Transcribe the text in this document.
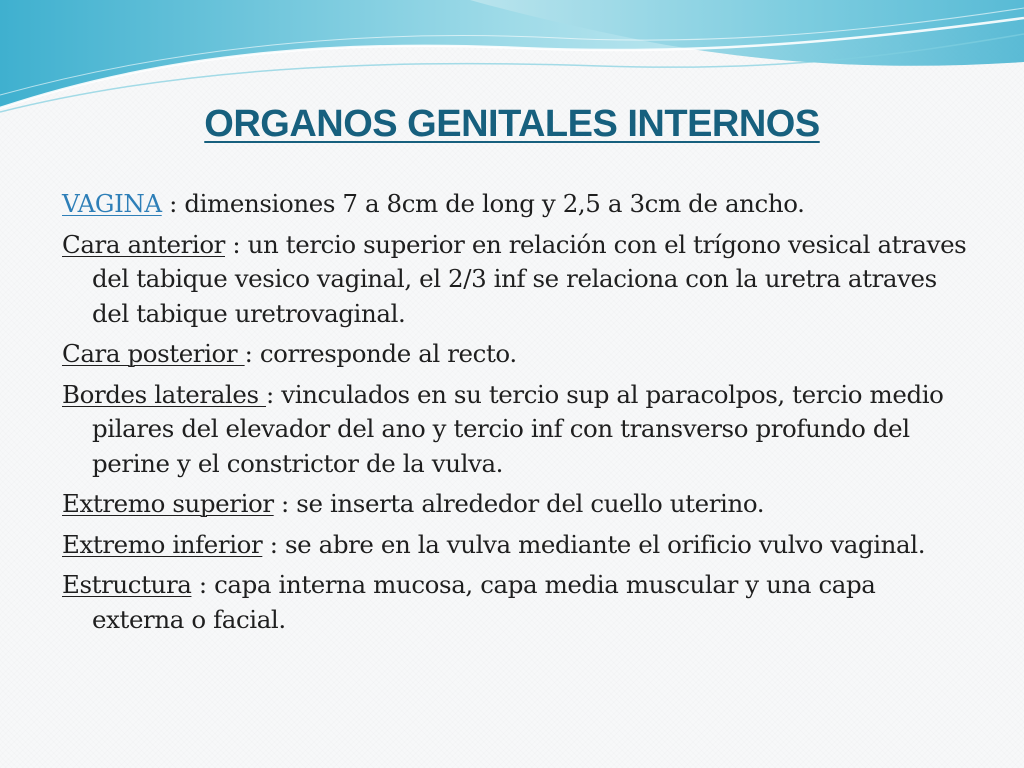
ORGANOS GENITALES INTERNOS
VAGINA : dimensiones 7 a 8cm de long y 2,5 a 3cm de ancho.
Cara anterior : un tercio superior en relación con el trígono vesical atraves del tabique vesico vaginal, el 2/3 inf se relaciona con la uretra atraves del tabique uretrovaginal.
Cara posterior : corresponde al recto.
Bordes laterales : vinculados en su tercio sup al paracolpos, tercio medio pilares del elevador del ano y tercio inf con transverso profundo del perine y el constrictor de la vulva.
Extremo superior : se inserta alrededor del cuello uterino.
Extremo inferior : se abre en la vulva mediante el orificio vulvo vaginal.
Estructura : capa interna mucosa, capa media muscular y una capa externa o facial.
